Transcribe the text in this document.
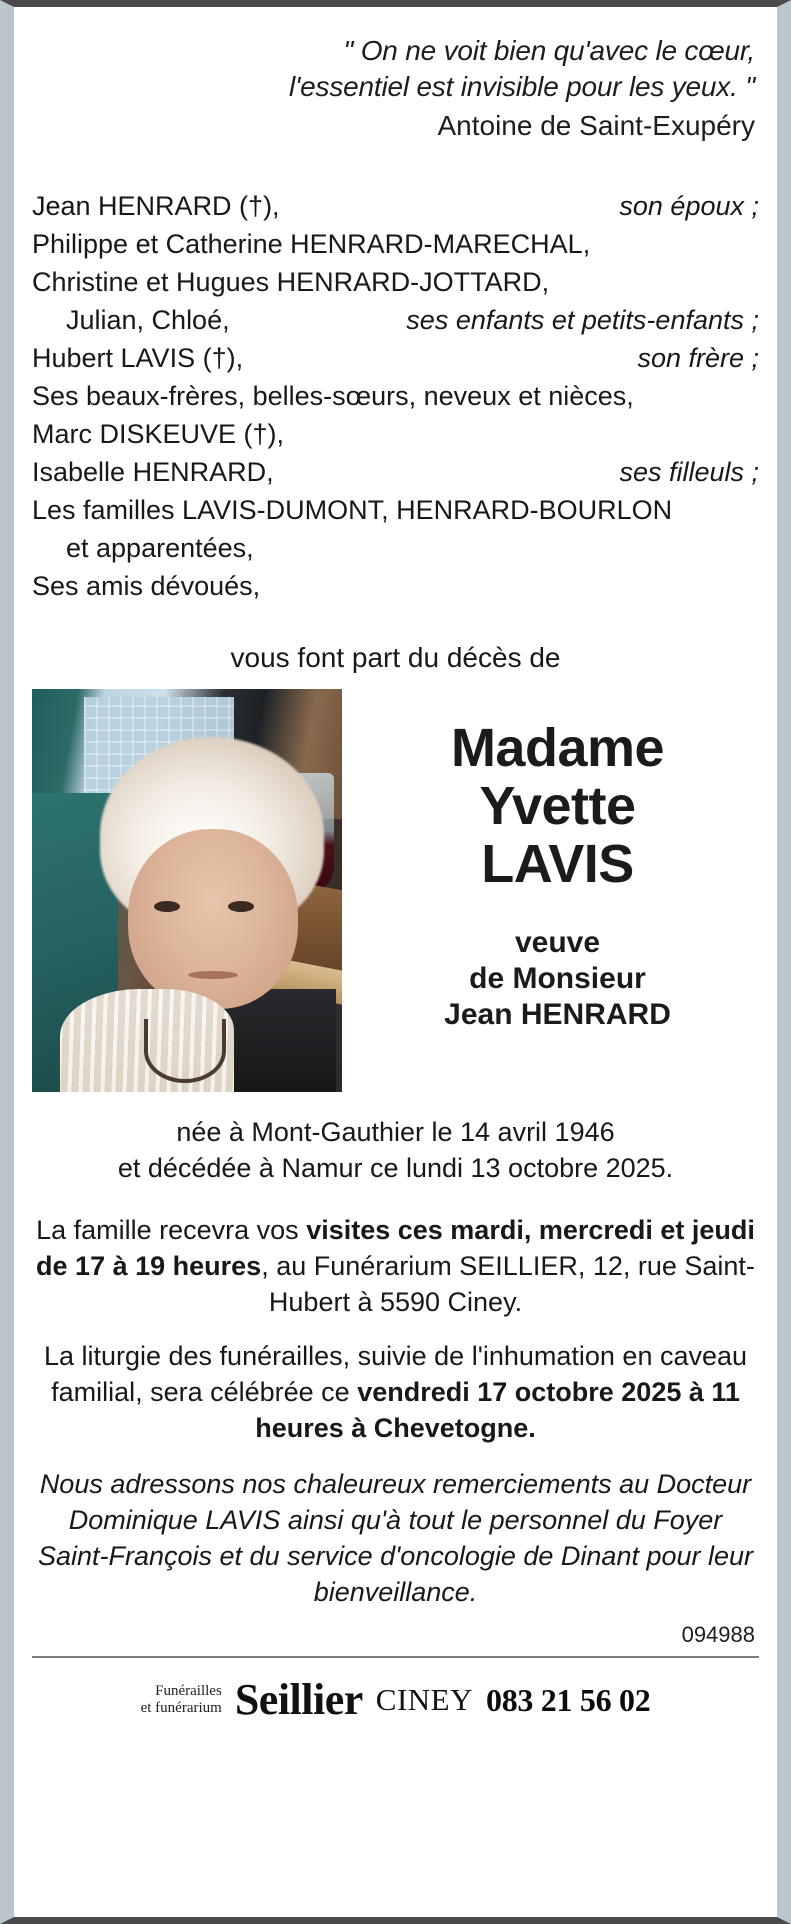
" On ne voit bien qu'avec le cœur,
l'essentiel est invisible pour les yeux. "
Antoine de Saint-Exupéry
Jean HENRARD (†),	son époux ;
Philippe et Catherine HENRARD-MARECHAL,
Christine et Hugues HENRARD-JOTTARD,
Julian, Chloé,	ses enfants et petits-enfants ;
Hubert LAVIS (†),	son frère ;
Ses beaux-frères, belles-sœurs, neveux et nièces,
Marc DISKEUVE (†),
Isabelle HENRARD,	ses filleuls ;
Les familles LAVIS-DUMONT, HENRARD-BOURLON
et apparentées,
Ses amis dévoués,
vous font part du décès de
Madame
Yvette
LAVIS
veuve
de Monsieur
Jean HENRARD
née à Mont-Gauthier le 14 avril 1946
et décédée à Namur ce lundi 13 octobre 2025.
La famille recevra vos visites ces mardi, mercredi et jeudi de 17 à 19 heures, au Funérarium SEILLIER, 12, rue Saint-Hubert à 5590 Ciney.
La liturgie des funérailles, suivie de l'inhumation en caveau familial, sera célébrée ce vendredi 17 octobre 2025 à 11 heures à Chevetogne.
Nous adressons nos chaleureux remerciements au Docteur Dominique LAVIS ainsi qu'à tout le personnel du Foyer Saint-François et du service d'oncologie de Dinant pour leur bienveillance.
094988
Funérailles
et funérarium Seillier CINEY 083 21 56 02
